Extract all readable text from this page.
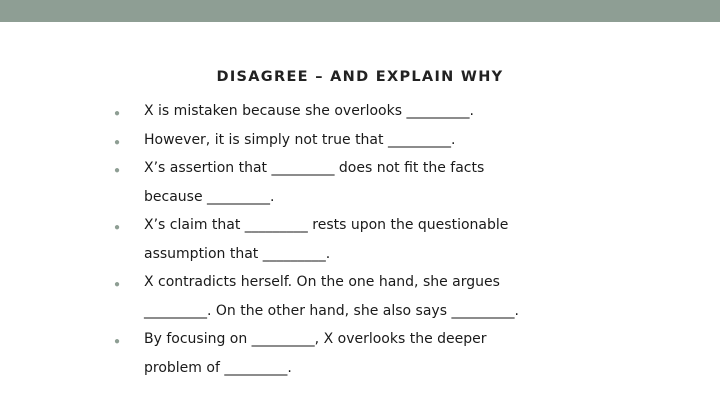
DISAGREE – AND EXPLAIN WHY
● X is mistaken because she overlooks _________.
● However, it is simply not true that _________.
● X’s assertion that _________ does not fit the facts
because _________.
● X’s claim that _________ rests upon the questionable
assumption that _________.
● X contradicts herself. On the one hand, she argues
_________. On the other hand, she also says _________.
● By focusing on _________, X overlooks the deeper
problem of _________.
